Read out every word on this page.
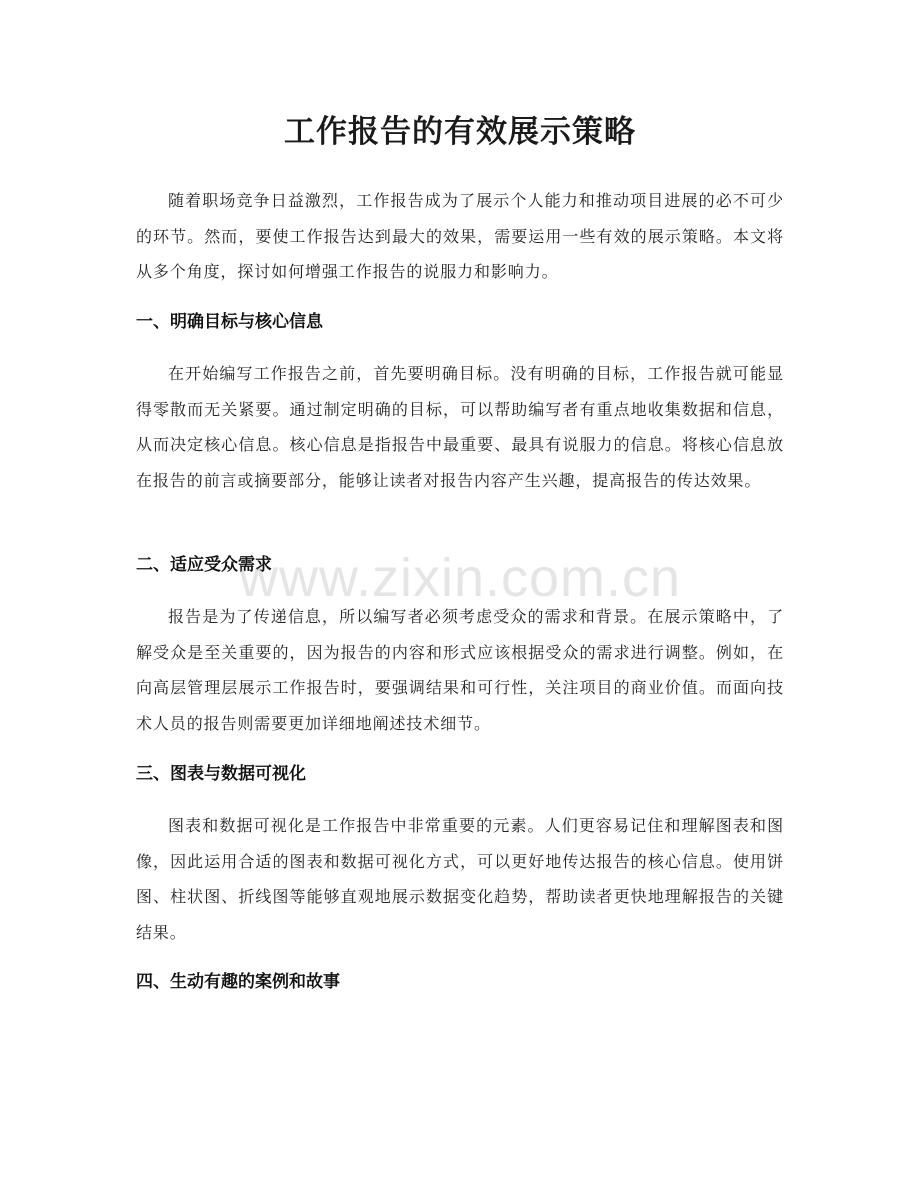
工作报告的有效展示策略

随着职场竞争日益激烈，工作报告成为了展示个人能力和推动项目进展的必不可少的环节。然而，要使工作报告达到最大的效果，需要运用一些有效的展示策略。本文将从多个角度，探讨如何增强工作报告的说服力和影响力。

一、明确目标与核心信息

在开始编写工作报告之前，首先要明确目标。没有明确的目标，工作报告就可能显得零散而无关紧要。通过制定明确的目标，可以帮助编写者有重点地收集数据和信息，从而决定核心信息。核心信息是指报告中最重要、最具有说服力的信息。将核心信息放在报告的前言或摘要部分，能够让读者对报告内容产生兴趣，提高报告的传达效果。

二、适应受众需求

报告是为了传递信息，所以编写者必须考虑受众的需求和背景。在展示策略中，了解受众是至关重要的，因为报告的内容和形式应该根据受众的需求进行调整。例如，在向高层管理层展示工作报告时，要强调结果和可行性，关注项目的商业价值。而面向技术人员的报告则需要更加详细地阐述技术细节。

三、图表与数据可视化

图表和数据可视化是工作报告中非常重要的元素。人们更容易记住和理解图表和图像，因此运用合适的图表和数据可视化方式，可以更好地传达报告的核心信息。使用饼图、柱状图、折线图等能够直观地展示数据变化趋势，帮助读者更快地理解报告的关键结果。

四、生动有趣的案例和故事
www.zixin.com.cn
